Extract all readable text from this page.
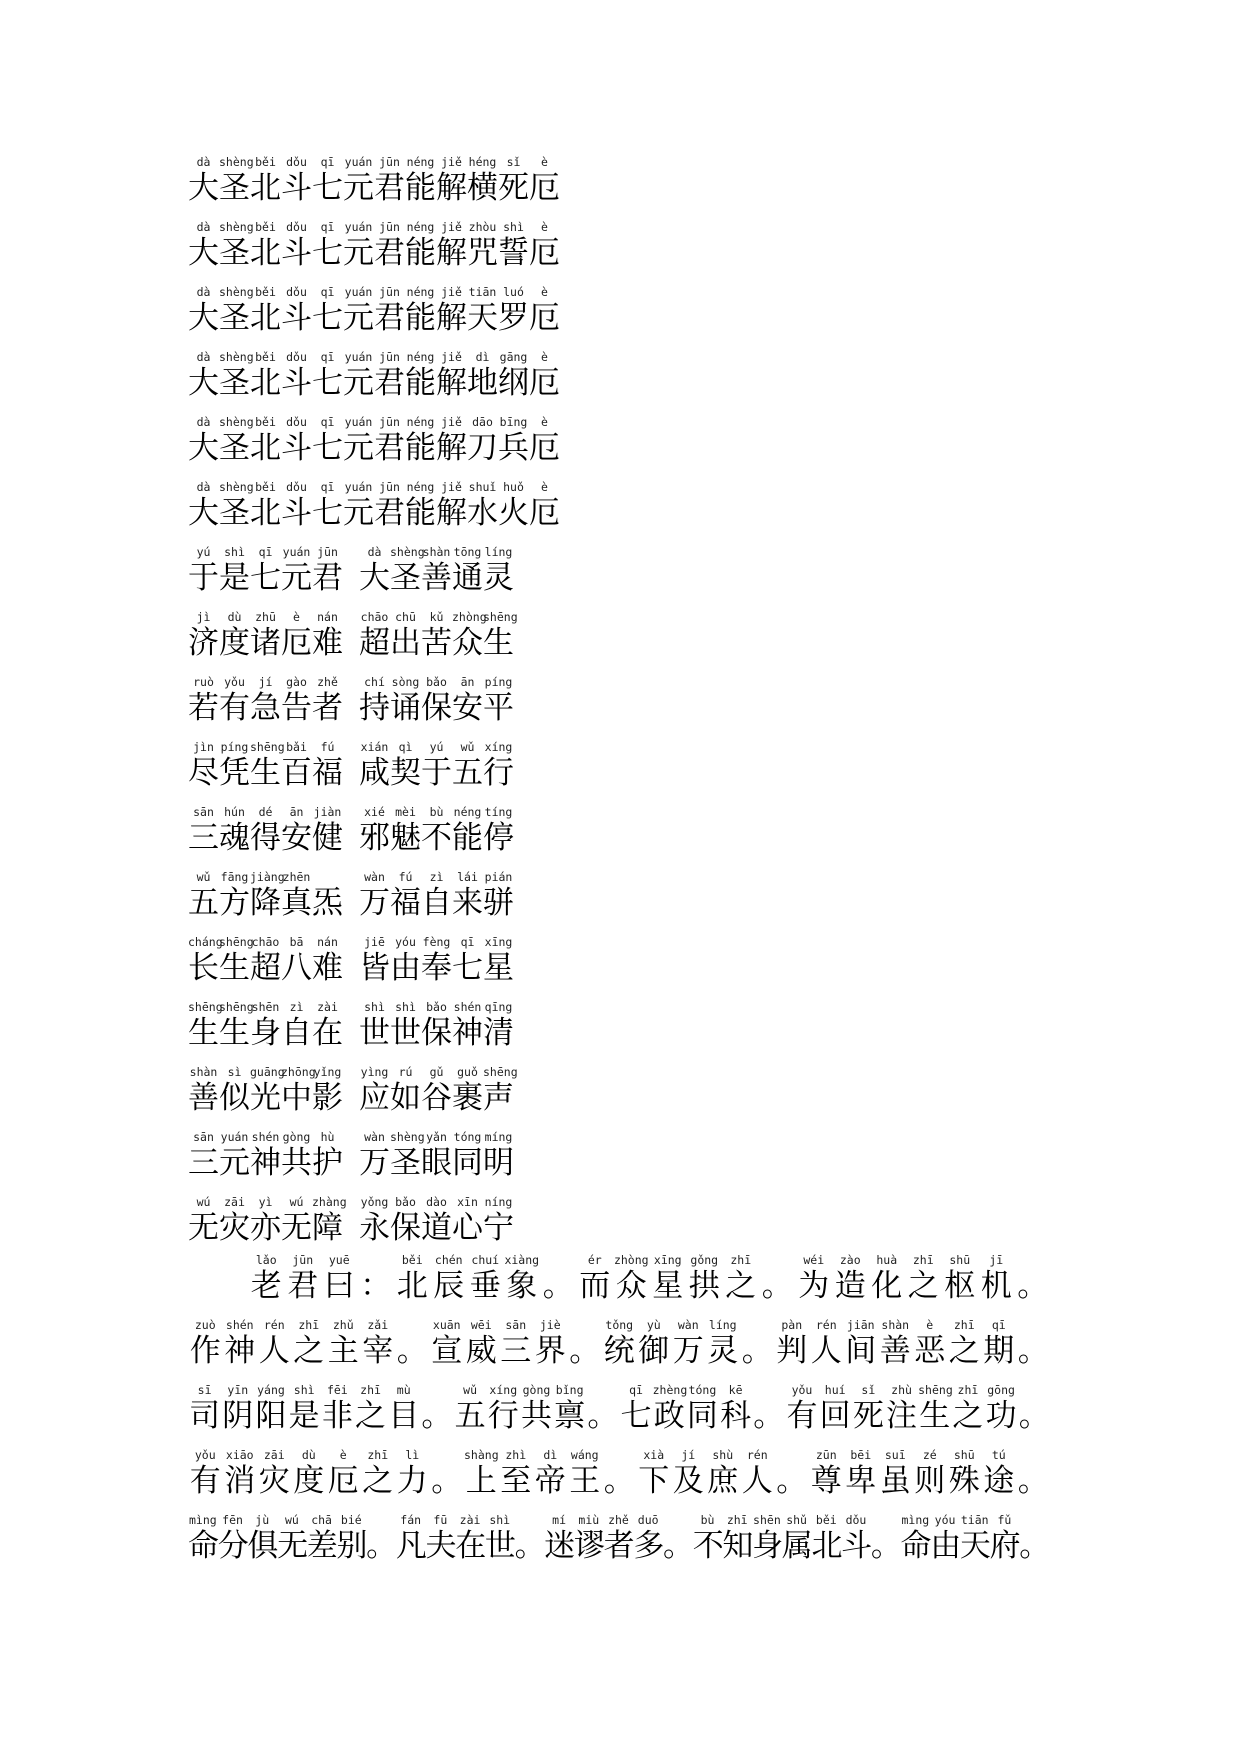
dà
大
shèng
圣
běi
北
dǒu
斗
qī
七
yuán
元
jūn
君
néng
能
jiě
解
héng
横
sǐ
死
è
厄
dà
大
shèng
圣
běi
北
dǒu
斗
qī
七
yuán
元
jūn
君
néng
能
jiě
解
zhòu
咒
shì
誓
è
厄
dà
大
shèng
圣
běi
北
dǒu
斗
qī
七
yuán
元
jūn
君
néng
能
jiě
解
tiān
天
luó
罗
è
厄
dà
大
shèng
圣
běi
北
dǒu
斗
qī
七
yuán
元
jūn
君
néng
能
jiě
解
dì
地
gāng
纲
è
厄
dà
大
shèng
圣
běi
北
dǒu
斗
qī
七
yuán
元
jūn
君
néng
能
jiě
解
dāo
刀
bīng
兵
è
厄
dà
大
shèng
圣
běi
北
dǒu
斗
qī
七
yuán
元
jūn
君
néng
能
jiě
解
shuǐ
水
huǒ
火
è
厄
yú
于
shì
是
qī
七
yuán
元
jūn
君
dà
大
shèng
圣
shàn
善
tōng
通
líng
灵
jì
济
dù
度
zhū
诸
è
厄
nán
难
chāo
超
chū
出
kǔ
苦
zhòng
众
shēng
生
ruò
若
yǒu
有
jí
急
gào
告
zhě
者
chí
持
sòng
诵
bǎo
保
ān
安
píng
平
jìn
尽
píng
凭
shēng
生
bǎi
百
fú
福
xián
咸
qì
契
yú
于
wǔ
五
xíng
行
sān
三
hún
魂
dé
得
ān
安
jiàn
健
xié
邪
mèi
魅
bù
不
néng
能
tíng
停
wǔ
五
fāng
方
jiàng
降
zhēn
真 炁
wàn
万
fú
福
zì
自
lái
来
pián
骈
cháng
长
shēng
生
chāo
超
bā
八
nán
难
jiē
皆
yóu
由
fèng
奉
qī
七
xīng
星
shēng
生
shēng
生
shēn
身
zì
自
zài
在
shì
世
shì
世
bǎo
保
shén
神
qīng
清
shàn
善
sì
似
guāng
光
zhōng
中
yǐng
影
yìng
应
rú
如
gǔ
谷
guǒ
裹
shēng
声
sān
三
yuán
元
shén
神
gòng
共
hù
护
wàn
万
shèng
圣
yǎn
眼
tóng
同
míng
明
wú
无
zāi
灾
yì
亦
wú
无
zhàng
障
yǒng
永
bǎo
保
dào
道
xīn
心
níng
宁
lǎo
老
jūn
君
yuē
曰 ：
běi
北
chén
辰
chuí
垂
xiàng
象 。
ér
而
zhòng
众
xīng
星
gǒng
拱
zhī
之 。
wéi
为
zào
造
huà
化
zhī
之
shū
枢
jī
机 。
zuò
作
shén
神
rén
人
zhī
之
zhǔ
主
zǎi
宰 。
xuān
宣
wēi
威
sān
三
jiè
界 。
tǒng
统
yù
御
wàn
万
líng
灵 。
pàn
判
rén
人
jiān
间
shàn
善
è
恶
zhī
之
qī
期 。
sī
司
yīn
阴
yáng
阳
shì
是
fēi
非
zhī
之
mù
目 。
wǔ
五
xíng
行
gòng
共
bǐng
禀 。
qī
七
zhèng
政
tóng
同
kē
科 。
yǒu
有
huí
回
sǐ
死
zhù
注
shēng
生
zhī
之
gōng
功 。
yǒu
有
xiāo
消
zāi
灾
dù
度
è
厄
zhī
之
lì
力 。
shàng
上
zhì
至
dì
帝
wáng
王 。
xià
下
jí
及
shù
庶
rén
人 。
zūn
尊
bēi
卑
suī
虽
zé
则
shū
殊
tú
途 。
mìng
命
fēn
分
jù
俱
wú
无
chā
差
bié
别
。
fán
凡
fū
夫
zài
在
shì
世
。
mí
迷
miù
谬
zhě
者
duō
多
。
bù
不
zhī
知
shēn
身
shǔ
属
běi
北
dǒu
斗
。
mìng
命
yóu
由
tiān
天
fǔ
府
。
